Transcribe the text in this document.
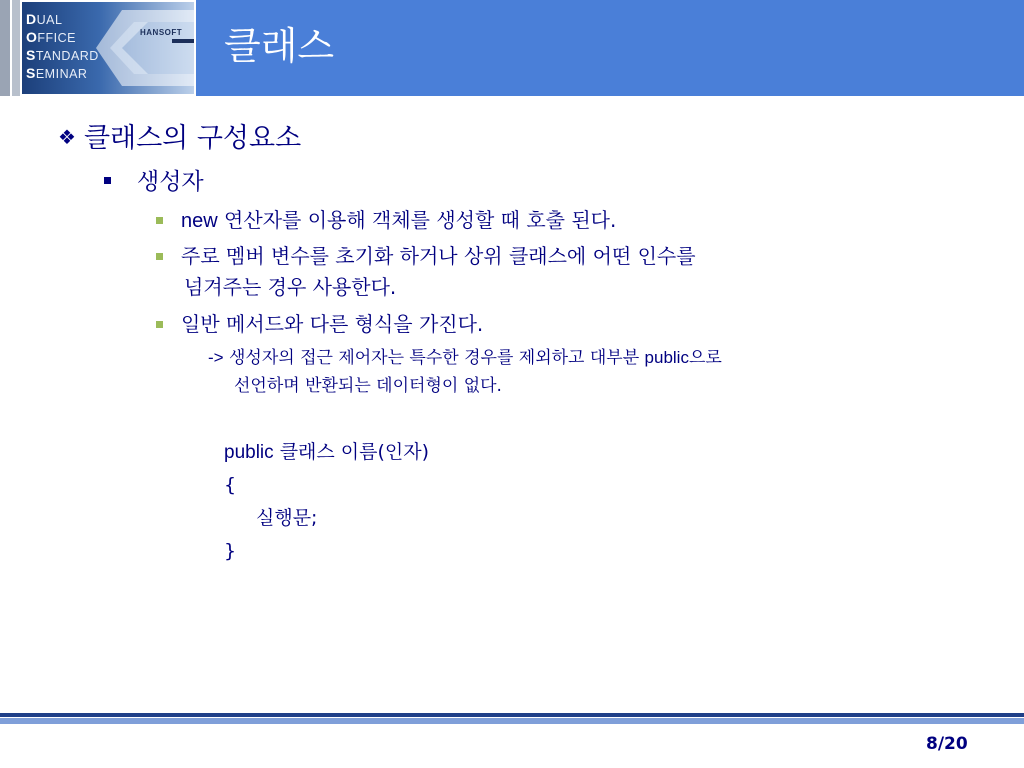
DUAL
OFFICE
STANDARD
SEMINAR
HANSOFT 클래스
❖ 클래스의 구성요소
생성자
new 연산자를 이용해 객체를 생성할 때 호출 된다.
주로 멤버 변수를 초기화 하거나 상위 클래스에 어떤 인수를
넘겨주는 경우 사용한다.
일반 메서드와 다른 형식을 가진다.
-> 생성자의 접근 제어자는 특수한 경우를 제외하고 대부분 public으로
선언하며 반환되는 데이터형이 없다.
public 클래스 이름(인자)
{
실행문;
}
8/20
